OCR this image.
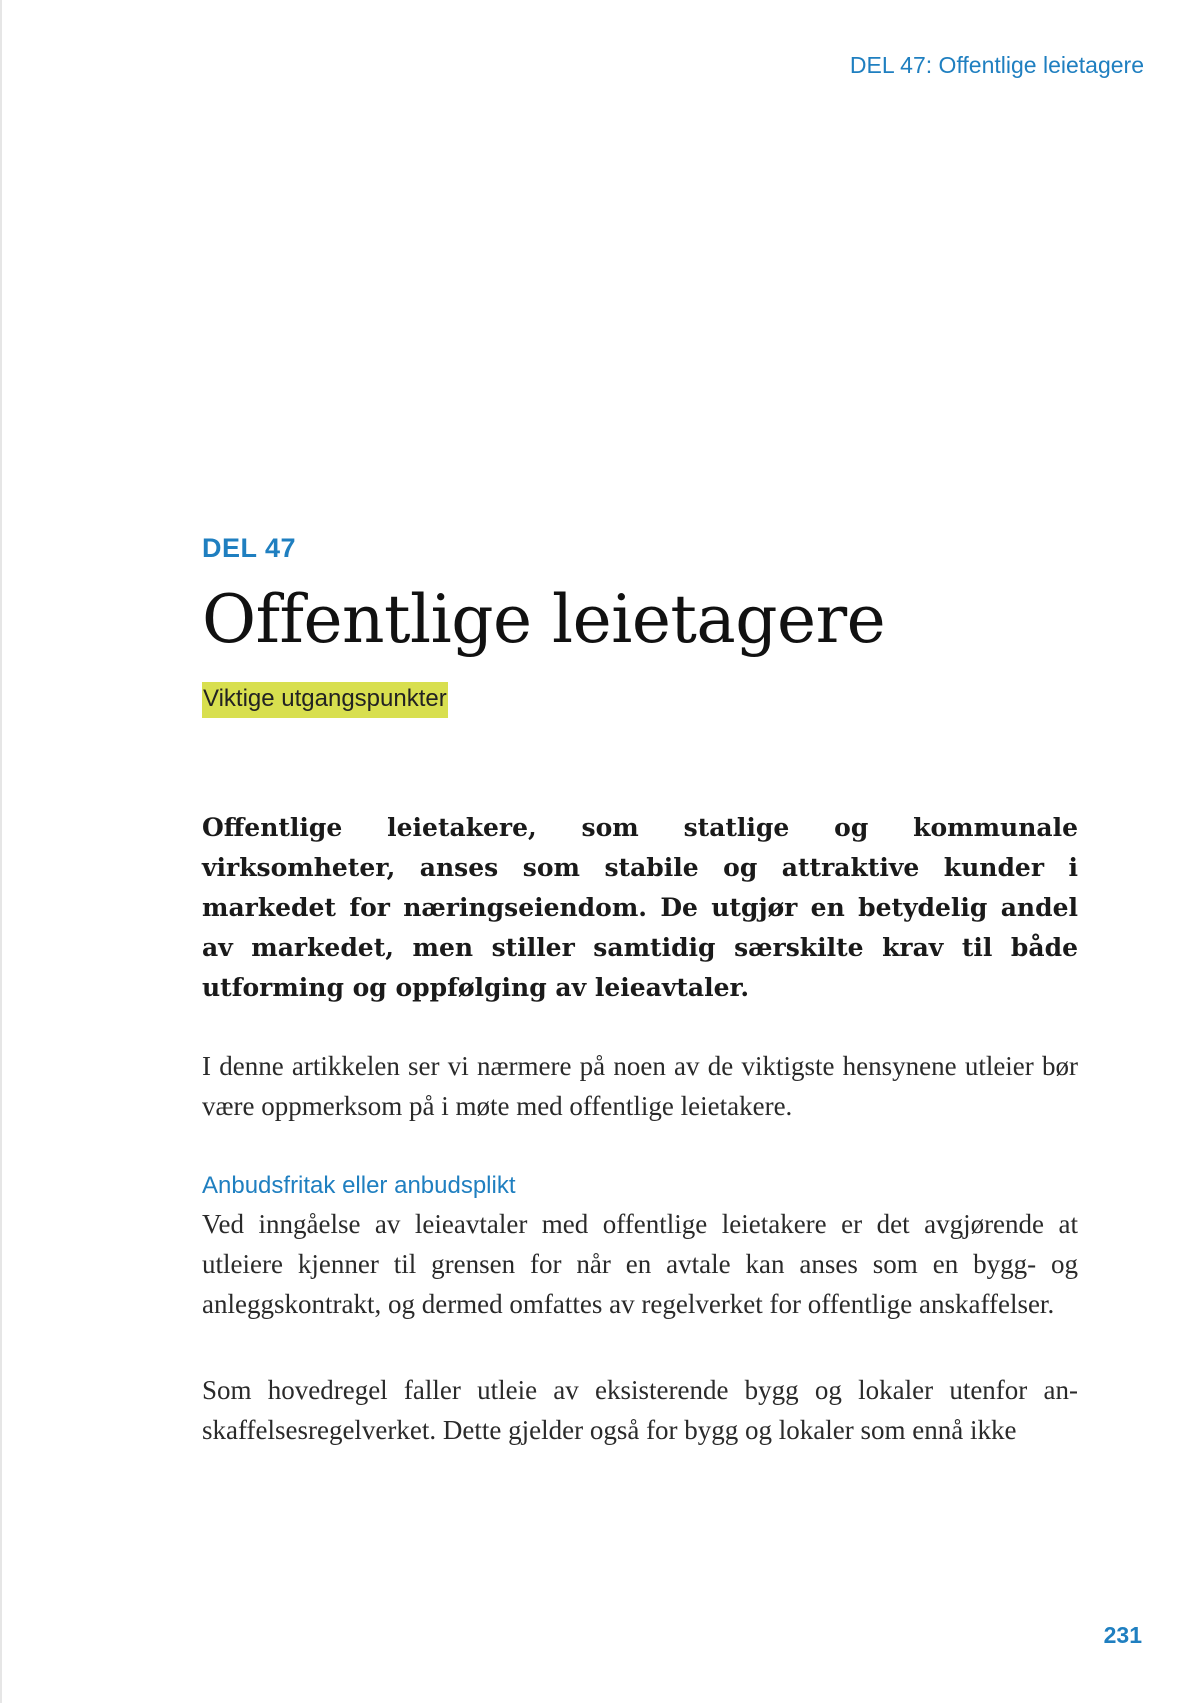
DEL 47: Offentlige leietagere

DEL 47

Offentlige leietagere
Viktige utgangspunkter

Offentlige leietakere, som statlige og kommunale virksomheter, anses som stabile og attraktive kunder i markedet for næringseiendom. De utgjør en betydelig andel av markedet, men stiller samtidig særskilte krav til både utforming og oppfølging av leieavtaler.

I denne artikkelen ser vi nærmere på noen av de viktigste hensynene utleier bør være oppmerksom på i møte med offentlige leietakere.

Anbudsfritak eller anbudsplikt

Ved inngåelse av leieavtaler med offentlige leietakere er det avgjørende at utleiere kjenner til grensen for når en avtale kan anses som en bygg- og anleggskontrakt, og dermed omfattes av regelverket for offentlige anskaffelser.

Som hovedregel faller utleie av eksisterende bygg og lokaler utenfor anskaffelsesregelverket. Dette gjelder også for bygg og lokaler som ennå ikke

231
